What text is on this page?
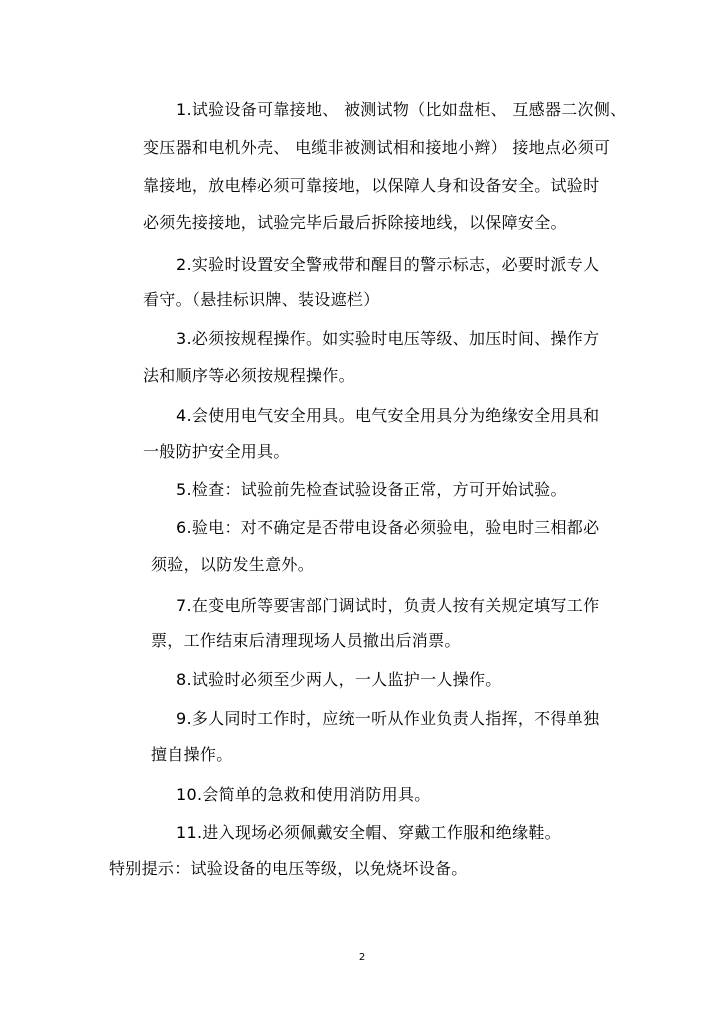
1.试验设备可靠接地、 被测试物（比如盘柜、 互感器二次侧、
变压器和电机外壳、 电缆非被测试相和接地小辫） 接地点必须可
靠接地，放电棒必须可靠接地，以保障人身和设备安全。试验时
必须先接接地，试验完毕后最后拆除接地线，以保障安全。
2.实验时设置安全警戒带和醒目的警示标志，必要时派专人
看守。（悬挂标识牌、装设遮栏）
3.必须按规程操作。如实验时电压等级、加压时间、操作方
法和顺序等必须按规程操作。
4.会使用电气安全用具。电气安全用具分为绝缘安全用具和
一般防护安全用具。
5.检查：试验前先检查试验设备正常，方可开始试验。
6.验电：对不确定是否带电设备必须验电，验电时三相都必
须验，以防发生意外。
7.在变电所等要害部门调试时，负责人按有关规定填写工作
票，工作结束后清理现场人员撤出后消票。
8.试验时必须至少两人，一人监护一人操作。
9.多人同时工作时，应统一听从作业负责人指挥，不得单独
擅自操作。
10.会简单的急救和使用消防用具。
11.进入现场必须佩戴安全帽、穿戴工作服和绝缘鞋。
特别提示：试验设备的电压等级，以免烧坏设备。
2
